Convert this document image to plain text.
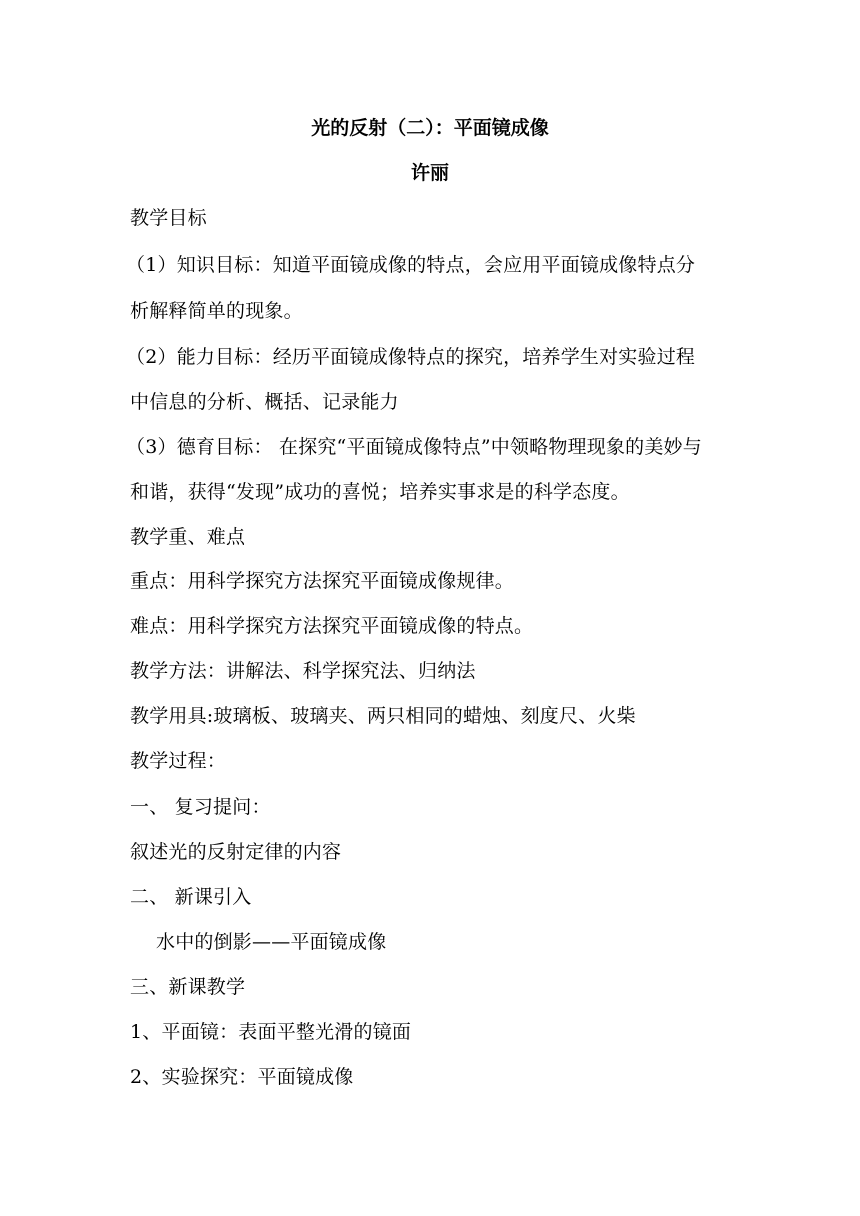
光的反射（二）：平面镜成像
许丽
教学目标
（1）知识目标：知道平面镜成像的特点，会应用平面镜成像特点分
析解释简单的现象。
（2）能力目标：经历平面镜成像特点的探究，培养学生对实验过程
中信息的分析、概括、记录能力
（3）德育目标： 在探究“平面镜成像特点”中领略物理现象的美妙与
和谐，获得“发现”成功的喜悦；培养实事求是的科学态度。
教学重、难点
重点：用科学探究方法探究平面镜成像规律。
难点：用科学探究方法探究平面镜成像的特点。
教学方法：讲解法、科学探究法、归纳法
教学用具:玻璃板、玻璃夹、两只相同的蜡烛、刻度尺、火柴
教学过程：
一、 复习提问：
叙述光的反射定律的内容
二、 新课引入
水中的倒影——平面镜成像
三、新课教学
1、平面镜：表面平整光滑的镜面
2、实验探究：平面镜成像
